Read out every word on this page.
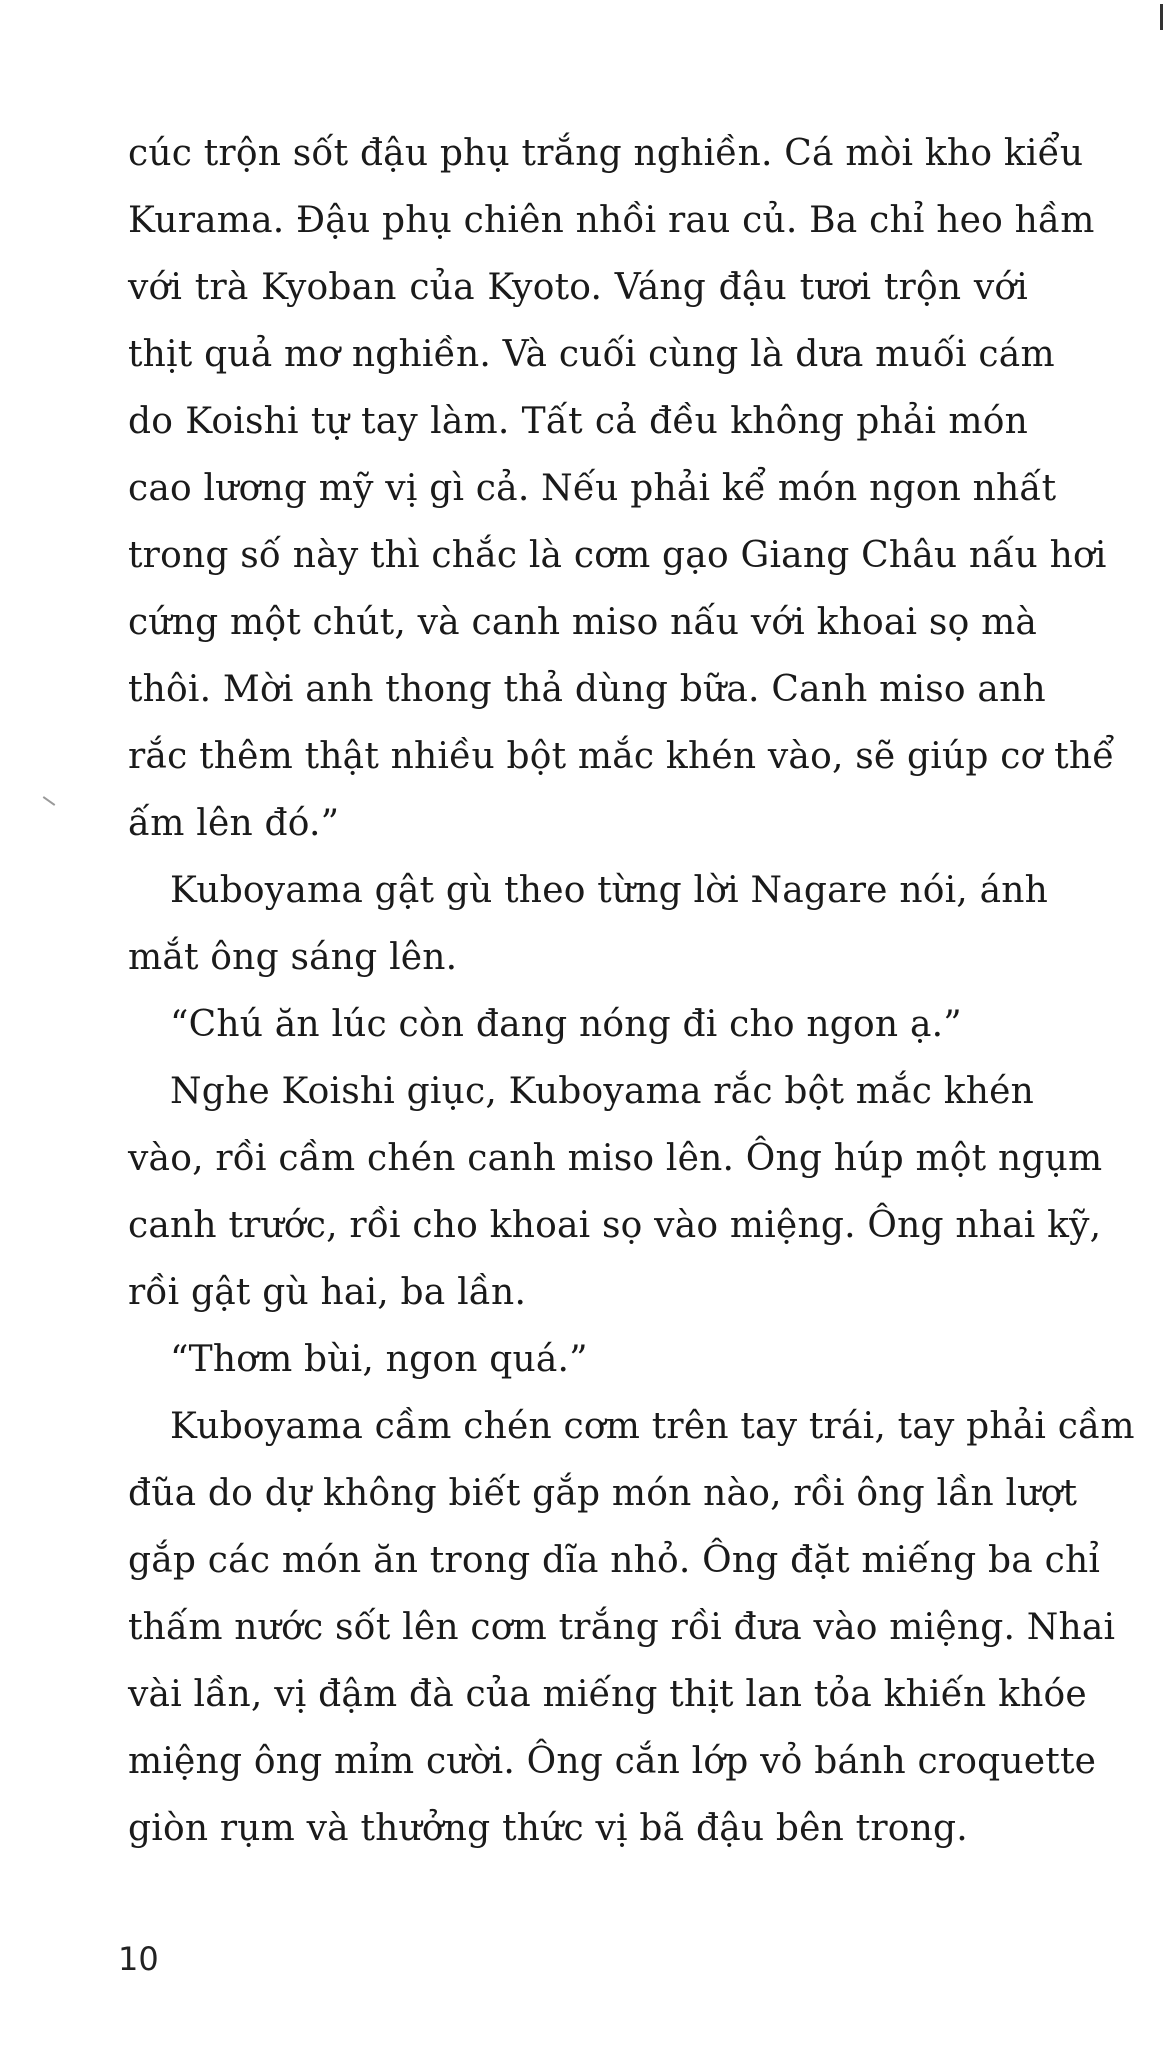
cúc trộn sốt đậu phụ trắng nghiền. Cá mòi kho kiểu
Kurama. Đậu phụ chiên nhồi rau củ. Ba chỉ heo hầm
với trà Kyoban của Kyoto. Váng đậu tươi trộn với
thịt quả mơ nghiền. Và cuối cùng là dưa muối cám
do Koishi tự tay làm. Tất cả đều không phải món
cao lương mỹ vị gì cả. Nếu phải kể món ngon nhất
trong số này thì chắc là cơm gạo Giang Châu nấu hơi
cứng một chút, và canh miso nấu với khoai sọ mà
thôi. Mời anh thong thả dùng bữa. Canh miso anh
rắc thêm thật nhiều bột mắc khén vào, sẽ giúp cơ thể
ấm lên đó.”
Kuboyama gật gù theo từng lời Nagare nói, ánh
mắt ông sáng lên.
“Chú ăn lúc còn đang nóng đi cho ngon ạ.”
Nghe Koishi giục, Kuboyama rắc bột mắc khén
vào, rồi cầm chén canh miso lên. Ông húp một ngụm
canh trước, rồi cho khoai sọ vào miệng. Ông nhai kỹ,
rồi gật gù hai, ba lần.
“Thơm bùi, ngon quá.”
Kuboyama cầm chén cơm trên tay trái, tay phải cầm
đũa do dự không biết gắp món nào, rồi ông lần lượt
gắp các món ăn trong dĩa nhỏ. Ông đặt miếng ba chỉ
thấm nước sốt lên cơm trắng rồi đưa vào miệng. Nhai
vài lần, vị đậm đà của miếng thịt lan tỏa khiến khóe
miệng ông mỉm cười. Ông cắn lớp vỏ bánh croquette
giòn rụm và thưởng thức vị bã đậu bên trong.
10
